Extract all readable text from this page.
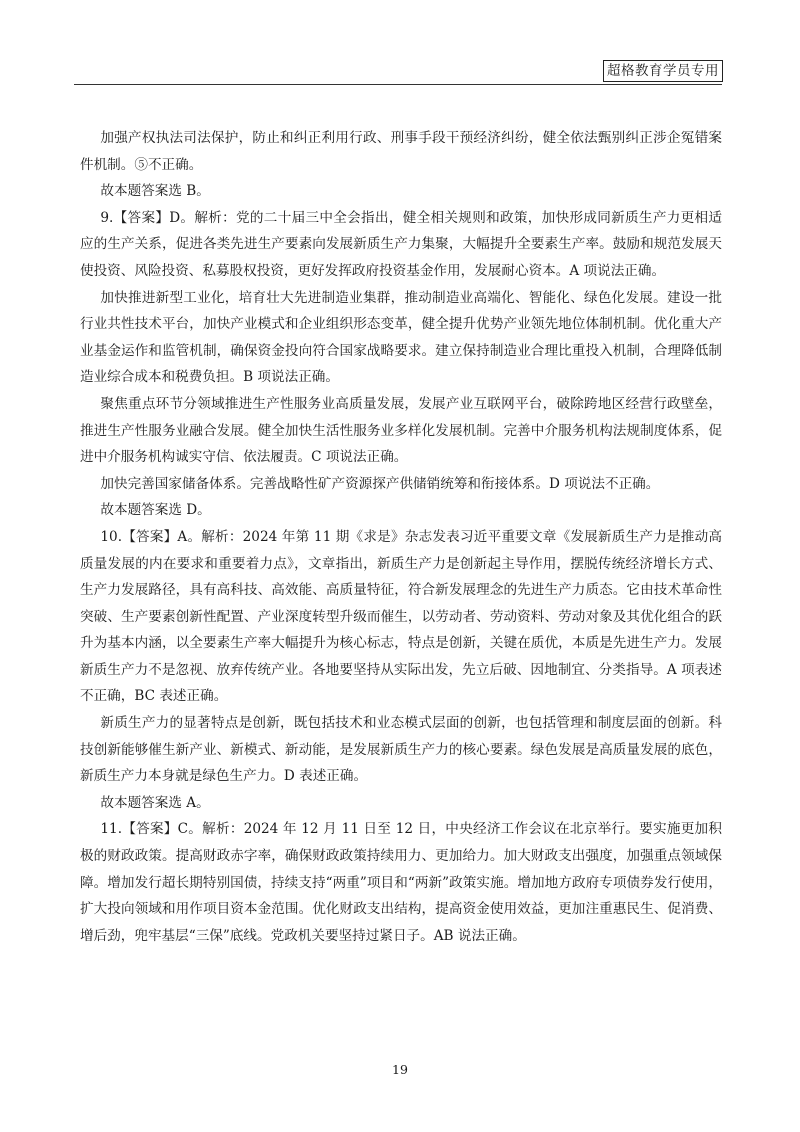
超格教育学员专用

加强产权执法司法保护，防止和纠正利用行政、刑事手段干预经济纠纷，健全依法甄别纠正涉企冤错案件机制。⑤不正确。

故本题答案选 B。

9.【答案】D。解析：党的二十届三中全会指出，健全相关规则和政策，加快形成同新质生产力更相适应的生产关系，促进各类先进生产要素向发展新质生产力集聚，大幅提升全要素生产率。鼓励和规范发展天使投资、风险投资、私募股权投资，更好发挥政府投资基金作用，发展耐心资本。A 项说法正确。

加快推进新型工业化，培育壮大先进制造业集群，推动制造业高端化、智能化、绿色化发展。建设一批行业共性技术平台，加快产业模式和企业组织形态变革，健全提升优势产业领先地位体制机制。优化重大产业基金运作和监管机制，确保资金投向符合国家战略要求。建立保持制造业合理比重投入机制，合理降低制造业综合成本和税费负担。B 项说法正确。

聚焦重点环节分领域推进生产性服务业高质量发展，发展产业互联网平台，破除跨地区经营行政壁垒，推进生产性服务业融合发展。健全加快生活性服务业多样化发展机制。完善中介服务机构法规制度体系，促进中介服务机构诚实守信、依法履责。C 项说法正确。

加快完善国家储备体系。完善战略性矿产资源探产供储销统筹和衔接体系。D 项说法不正确。

故本题答案选 D。

10.【答案】A。解析：2024 年第 11 期《求是》杂志发表习近平重要文章《发展新质生产力是推动高质量发展的内在要求和重要着力点》，文章指出，新质生产力是创新起主导作用，摆脱传统经济增长方式、生产力发展路径，具有高科技、高效能、高质量特征，符合新发展理念的先进生产力质态。它由技术革命性突破、生产要素创新性配置、产业深度转型升级而催生，以劳动者、劳动资料、劳动对象及其优化组合的跃升为基本内涵，以全要素生产率大幅提升为核心标志，特点是创新，关键在质优，本质是先进生产力。发展新质生产力不是忽视、放弃传统产业。各地要坚持从实际出发，先立后破、因地制宜、分类指导。A 项表述不正确，BC 表述正确。

新质生产力的显著特点是创新，既包括技术和业态模式层面的创新，也包括管理和制度层面的创新。科技创新能够催生新产业、新模式、新动能，是发展新质生产力的核心要素。绿色发展是高质量发展的底色，新质生产力本身就是绿色生产力。D 表述正确。

故本题答案选 A。

11.【答案】C。解析：2024 年 12 月 11 日至 12 日，中央经济工作会议在北京举行。要实施更加积极的财政政策。提高财政赤字率，确保财政政策持续用力、更加给力。加大财政支出强度，加强重点领域保障。增加发行超长期特别国债，持续支持“两重”项目和“两新”政策实施。增加地方政府专项债券发行使用，扩大投向领域和用作项目资本金范围。优化财政支出结构，提高资金使用效益，更加注重惠民生、促消费、增后劲，兜牢基层“三保”底线。党政机关要坚持过紧日子。AB 说法正确。

19
